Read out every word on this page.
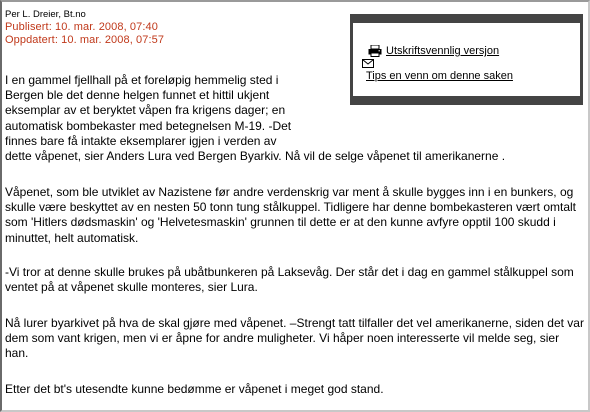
Per L. Dreier, Bt.no
Publisert: 10. mar. 2008, 07:40
Oppdatert: 10. mar. 2008, 07:57
Utskriftsvennlig versjon
Tips en venn om denne saken
I en gammel fjellhall på et foreløpig hemmelig sted i
Bergen ble det denne helgen funnet et hittil ukjent
eksemplar av et beryktet våpen fra krigens dager; en
automatisk bombekaster med betegnelsen M-19. -Det
finnes bare få intakte eksemplarer igjen i verden av
dette våpenet, sier Anders Lura ved Bergen Byarkiv. Nå vil de selge våpenet til amerikanerne .

Våpenet, som ble utviklet av Nazistene før andre verdenskrig var ment å skulle bygges inn i en bunkers, og skulle være beskyttet av en nesten 50 tonn tung stålkuppel. Tidligere har denne bombekasteren vært omtalt som 'Hitlers dødsmaskin' og 'Helvetesmaskin' grunnen til dette er at den kunne avfyre opptil 100 skudd i minuttet, helt automatisk.

-Vi tror at denne skulle brukes på ubåtbunkeren på Laksevåg. Der står det i dag en gammel stålkuppel som ventet på at våpenet skulle monteres, sier Lura.

Nå lurer byarkivet på hva de skal gjøre med våpenet. –Strengt tatt tilfaller det vel amerikanerne, siden det var dem som vant krigen, men vi er åpne for andre muligheter. Vi håper noen interesserte vil melde seg, sier han.

Etter det bt's utesendte kunne bedømme er våpenet i meget god stand.
